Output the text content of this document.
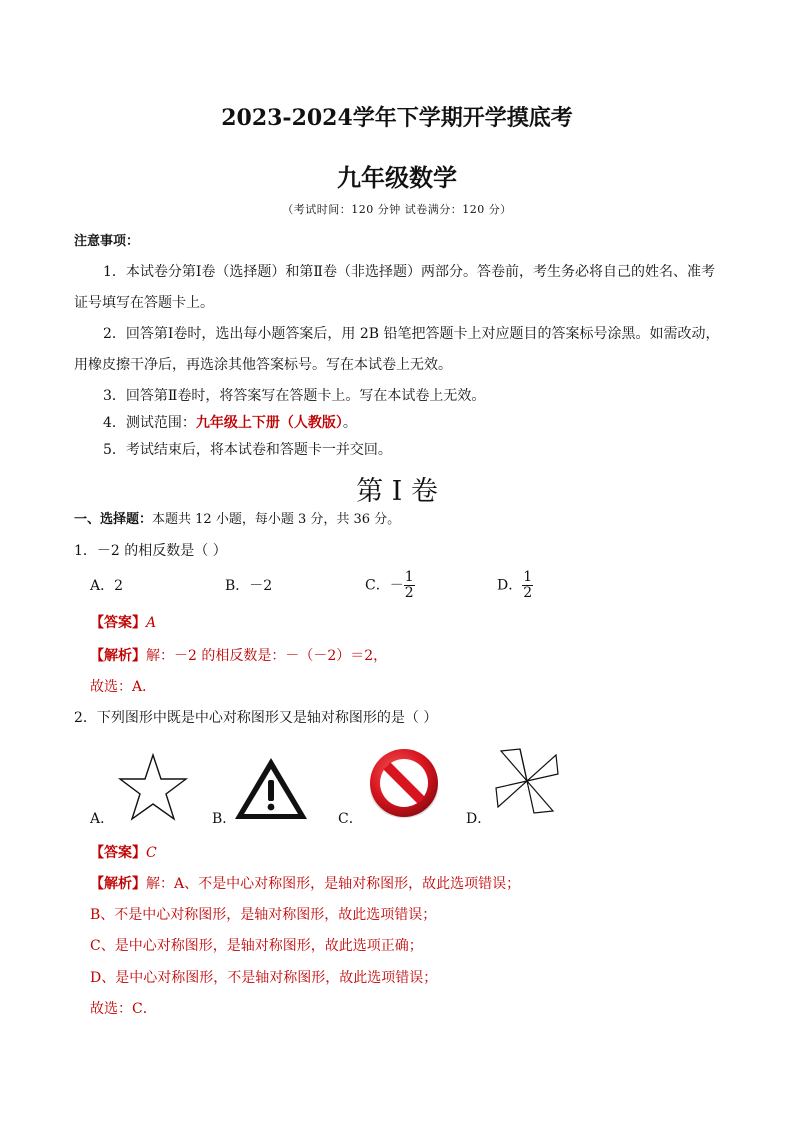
2023-2024学年下学期开学摸底考
九年级数学
（考试时间：120 分钟 试卷满分：120 分）
注意事项：
1．本试卷分第Ⅰ卷（选择题）和第Ⅱ卷（非选择题）两部分。答卷前，考生务必将自己的姓名、准考
证号填写在答题卡上。
2．回答第Ⅰ卷时，选出每小题答案后，用 2B 铅笔把答题卡上对应题目的答案标号涂黑。如需改动，
用橡皮擦干净后，再选涂其他答案标号。写在本试卷上无效。
3．回答第Ⅱ卷时，将答案写在答题卡上。写在本试卷上无效。
4．测试范围：九年级上下册（人教版）。
5．考试结束后，将本试卷和答题卡一并交回。
第 I 卷
一、选择题：本题共 12 小题，每小题 3 分，共 36 分。
1．－2 的相反数是（ ）
A．2	B．－2	C．－ $\frac{1}{2}$	D． $\frac{1}{2}$
【答案】A
【解析】解：－2 的相反数是：－（－2）＝2，
故选：A．
2．下列图形中既是中心对称图形又是轴对称图形的是（ ）
A．	B．	C．	D．
【答案】C
【解析】解：A、不是中心对称图形，是轴对称图形，故此选项错误；
B、不是中心对称图形，是轴对称图形，故此选项错误；
C、是中心对称图形，是轴对称图形，故此选项正确；
D、是中心对称图形，不是轴对称图形，故此选项错误；
故选：C．
